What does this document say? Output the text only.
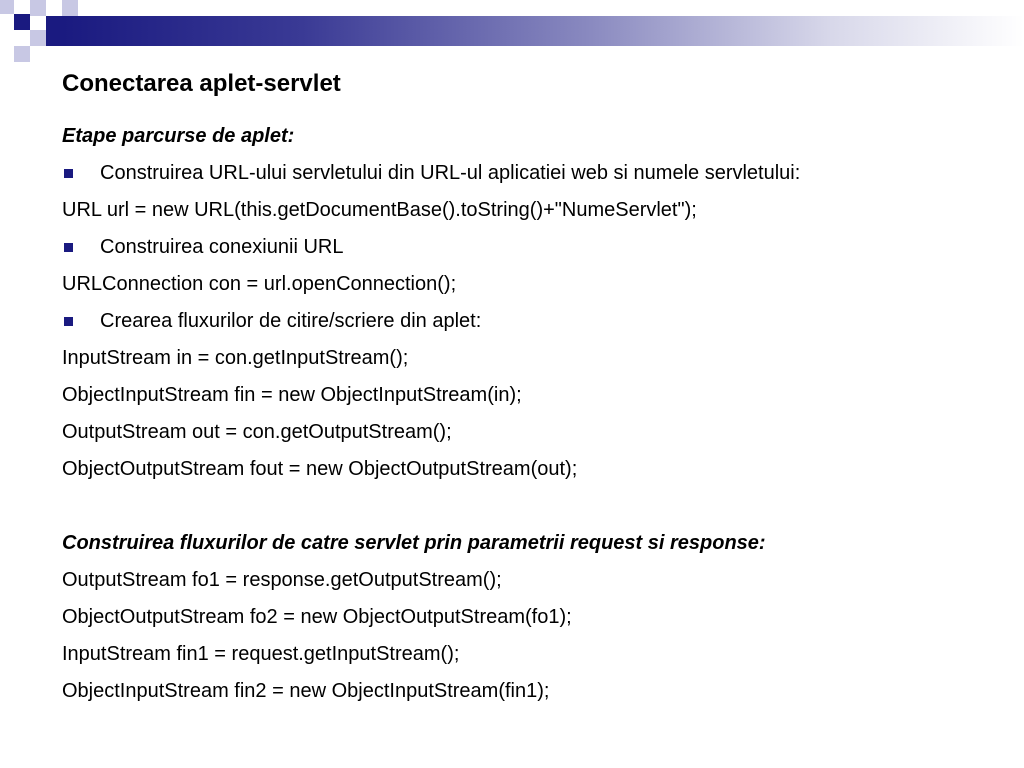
Conectarea aplet-servlet

Etape parcurse de aplet:

Construirea URL-ului servletului din URL-ul aplicatiei web si numele servletului:

URL url = new URL(this.getDocumentBase().toString()+"NumeServlet");

Construirea conexiunii URL

URLConnection con = url.openConnection();

Crearea fluxurilor de citire/scriere din aplet:

InputStream in = con.getInputStream();

ObjectInputStream fin = new ObjectInputStream(in);

OutputStream out = con.getOutputStream();

ObjectOutputStream fout = new ObjectOutputStream(out);

Construirea fluxurilor de catre servlet prin parametrii request si response:

OutputStream fo1 = response.getOutputStream();

ObjectOutputStream fo2 = new ObjectOutputStream(fo1);

InputStream fin1 = request.getInputStream();

ObjectInputStream fin2 = new ObjectInputStream(fin1);
